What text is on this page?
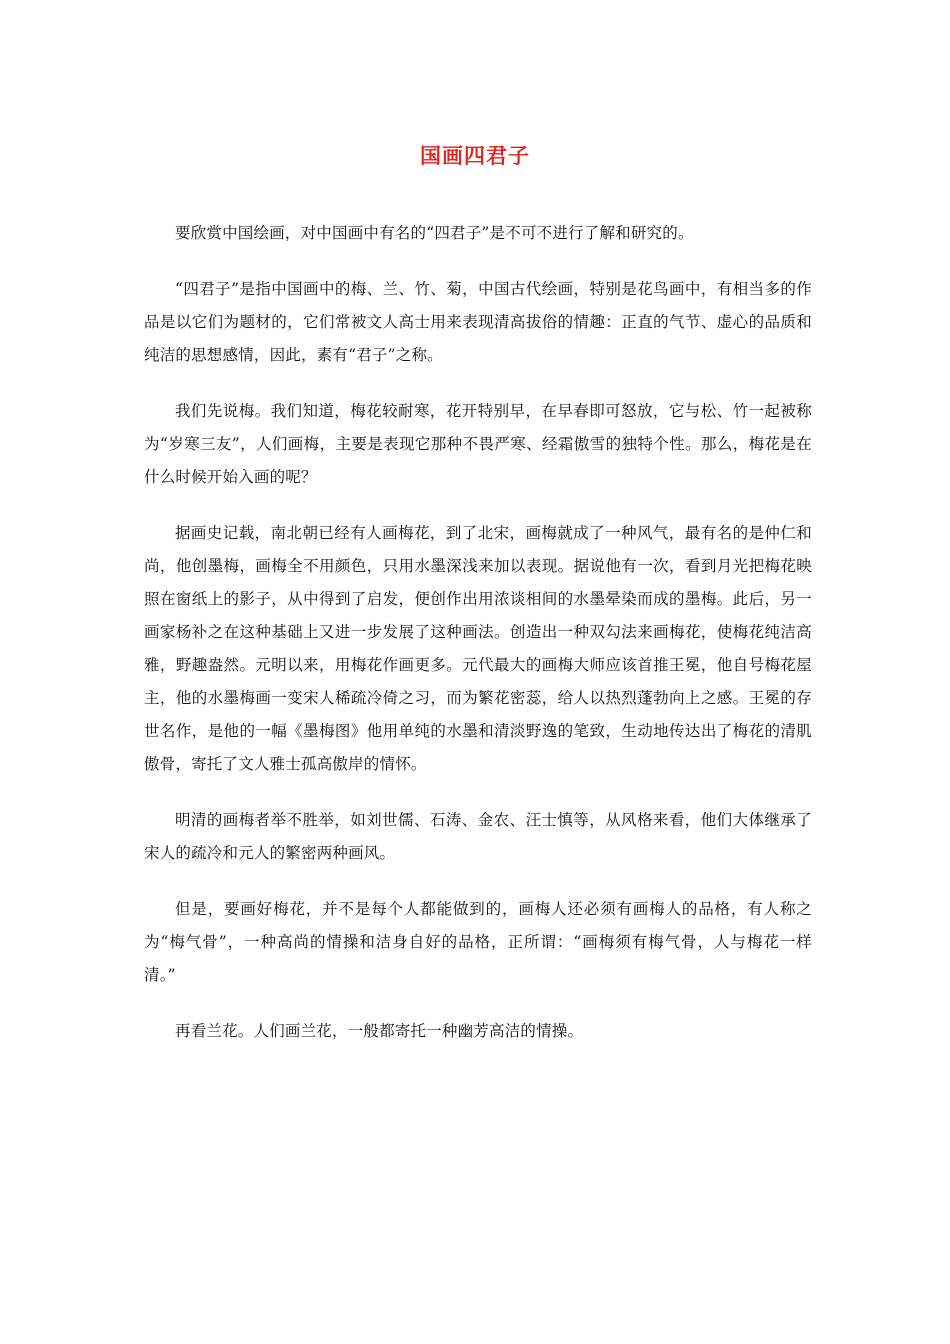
国画四君子

要欣赏中国绘画，对中国画中有名的“四君子”是不可不进行了解和研究的。

“四君子”是指中国画中的梅、兰、竹、菊，中国古代绘画，特别是花鸟画中，有相当多的作品是以它们为题材的，它们常被文人高士用来表现清高拔俗的情趣：正直的气节、虚心的品质和纯洁的思想感情，因此，素有“君子”之称。

我们先说梅。我们知道，梅花较耐寒，花开特别早，在早春即可怒放，它与松、竹一起被称为“岁寒三友”，人们画梅，主要是表现它那种不畏严寒、经霜傲雪的独特个性。那么，梅花是在什么时候开始入画的呢？

据画史记载，南北朝已经有人画梅花，到了北宋，画梅就成了一种风气，最有名的是仲仁和尚，他创墨梅，画梅全不用颜色，只用水墨深浅来加以表现。据说他有一次，看到月光把梅花映照在窗纸上的影子，从中得到了启发，便创作出用浓谈相间的水墨晕染而成的墨梅。此后，另一画家杨补之在这种基础上又进一步发展了这种画法。创造出一种双勾法来画梅花，使梅花纯洁高雅，野趣盎然。元明以来，用梅花作画更多。元代最大的画梅大师应该首推王冕，他自号梅花屋主，他的水墨梅画一变宋人稀疏冷倚之习，而为繁花密蕊，给人以热烈蓬勃向上之感。王冕的存世名作，是他的一幅《墨梅图》他用单纯的水墨和清淡野逸的笔致，生动地传达出了梅花的清肌傲骨，寄托了文人雅士孤高傲岸的情怀。

明清的画梅者举不胜举，如刘世儒、石涛、金农、汪士慎等，从风格来看，他们大体继承了宋人的疏冷和元人的繁密两种画风。

但是，要画好梅花，并不是每个人都能做到的，画梅人还必须有画梅人的品格，有人称之为“梅气骨”，一种高尚的情操和洁身自好的品格，正所谓：“画梅须有梅气骨，人与梅花一样清。”

再看兰花。人们画兰花，一般都寄托一种幽芳高洁的情操。
